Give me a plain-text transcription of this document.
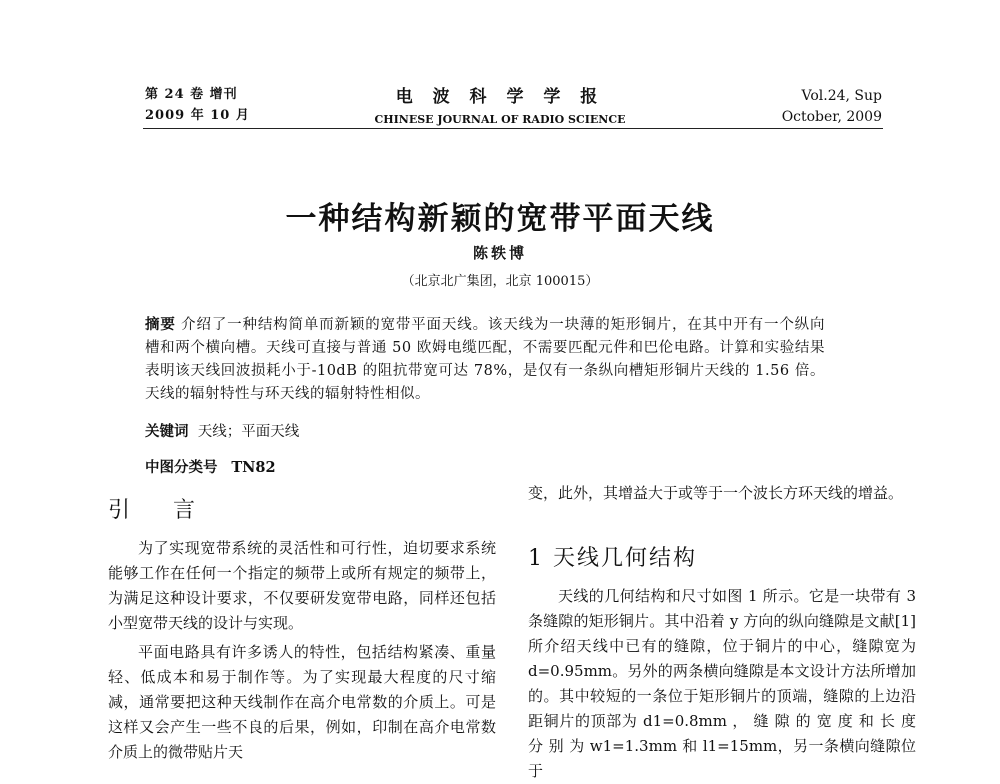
第 24 卷 增刊
2009 年 10 月
电 波 科 学 学 报
CHINESE JOURNAL OF RADIO SCIENCE
Vol.24, Sup
October, 2009
一种结构新颖的宽带平面天线
陈轶博
（北京北广集团，北京 100015）
摘要 介绍了一种结构简单而新颖的宽带平面天线。该天线为一块薄的矩形铜片，在其中开有一个纵向槽和两个横向槽。天线可直接与普通 50 欧姆电缆匹配，不需要匹配元件和巴伦电路。计算和实验结果表明该天线回波损耗小于-10dB 的阻抗带宽可达 78%，是仅有一条纵向槽矩形铜片天线的 1.56 倍。天线的辐射特性与环天线的辐射特性相似。
关键词 天线；平面天线
中图分类号 TN82
引 言

为了实现宽带系统的灵活性和可行性，迫切要求系统能够工作在任何一个指定的频带上或所有规定的频带上，为满足这种设计要求，不仅要研发宽带电路，同样还包括小型宽带天线的设计与实现。

平面电路具有许多诱人的特性，包括结构紧凑、重量轻、低成本和易于制作等。为了实现最大程度的尺寸缩减，通常要把这种天线制作在高介电常数的介质上。可是这样又会产生一些不良的后果，例如，印制在高介电常数介质上的微带贴片天

变，此外，其增益大于或等于一个波长方环天线的增益。

1 天线几何结构

天线的几何结构和尺寸如图 1 所示。它是一块带有 3 条缝隙的矩形铜片。其中沿着 y 方向的纵向缝隙是文献[1]所介绍天线中已有的缝隙，位于铜片的中心，缝隙宽为 d=0.95mm。另外的两条横向缝隙是本文设计方法所增加的。其中较短的一条位于矩形铜片的顶端，缝隙的上边沿距铜片的顶部为 d1=0.8mm ， 缝 隙 的 宽 度 和 长 度 分 别 为 w1=1.3mm 和 l1=15mm，另一条横向缝隙位于
